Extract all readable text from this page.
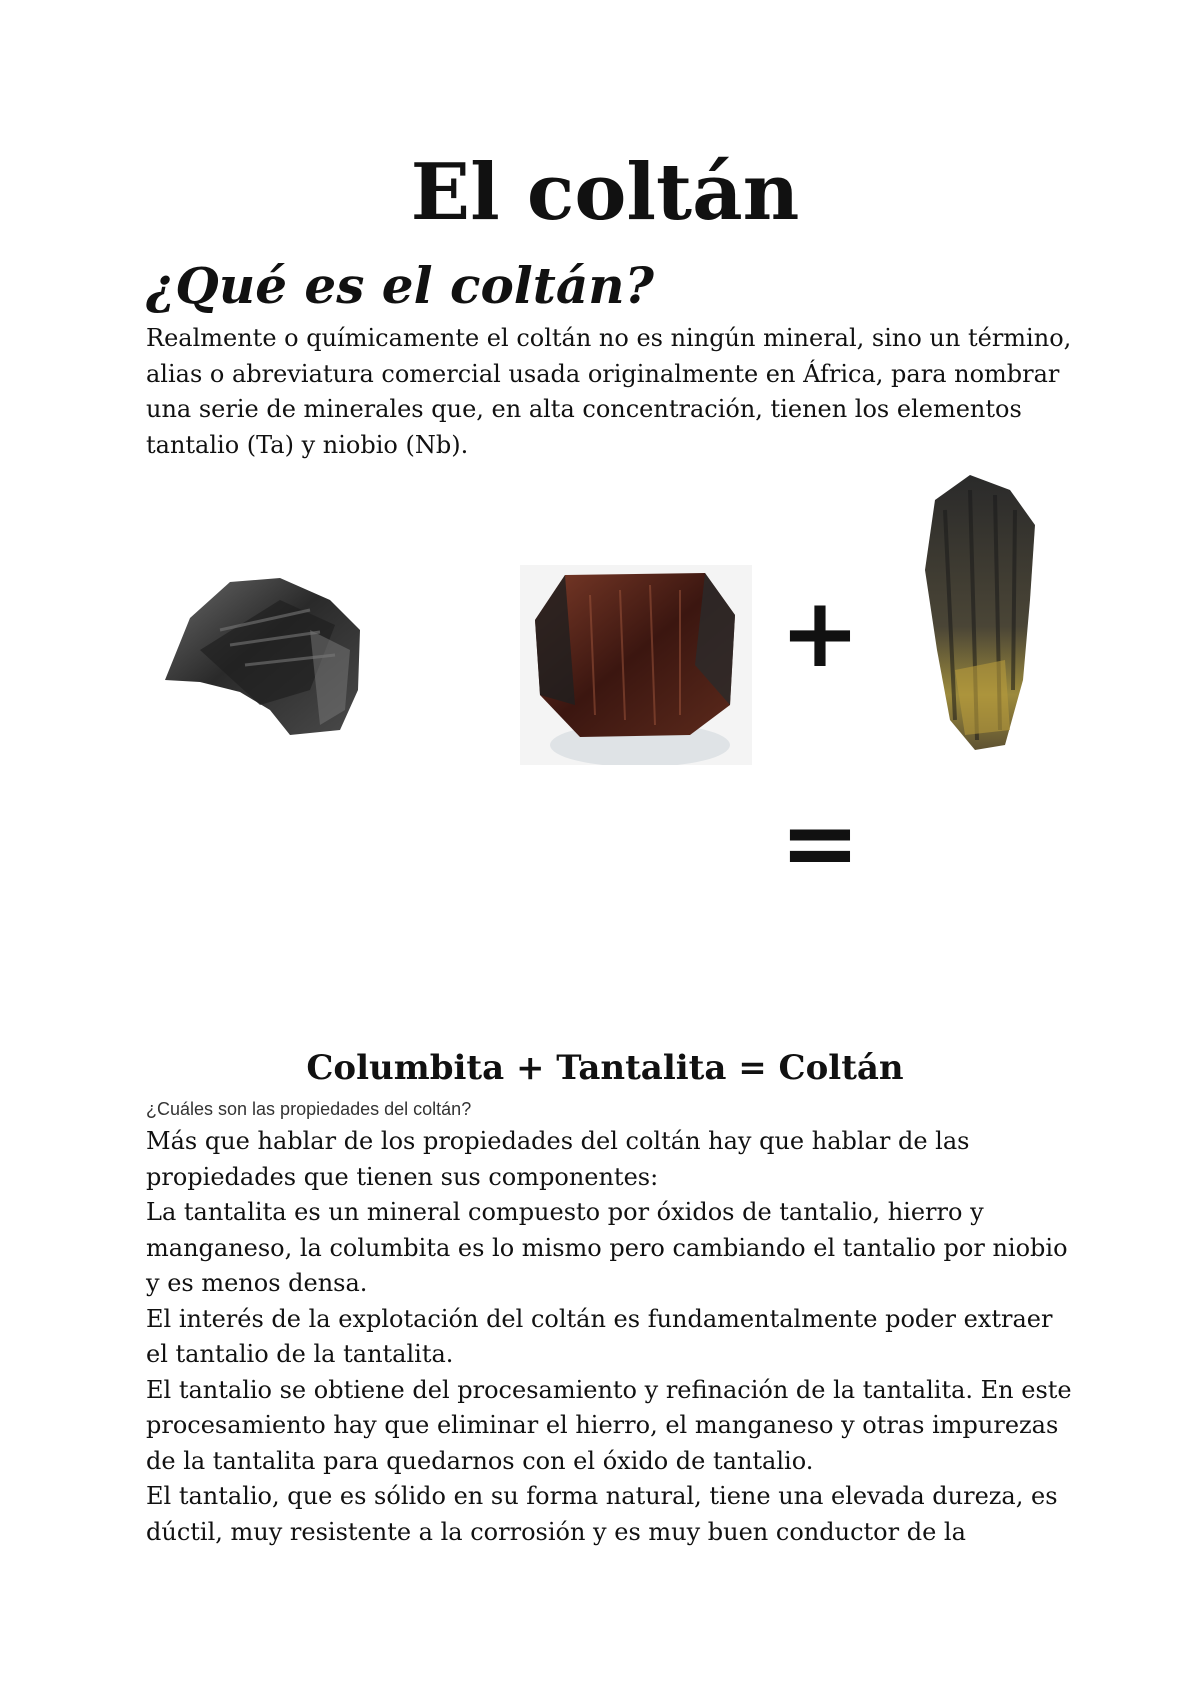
El coltán
¿Qué es el coltán?
Realmente o químicamente el coltán no es ningún mineral, sino un término, alias o abreviatura comercial usada originalmente en África, para nombrar una serie de minerales que, en alta concentración, tienen los elementos tantalio (Ta) y niobio (Nb).
+
=
Columbita + Tantalita = Coltán
¿Cuáles son las propiedades del coltán?
Más que hablar de los propiedades del coltán hay que hablar de las propiedades que tienen sus componentes:
La tantalita es un mineral compuesto por óxidos de tantalio, hierro y manganeso, la columbita es lo mismo pero cambiando el tantalio por niobio y es menos densa.
El interés de la explotación del coltán es fundamentalmente poder extraer el tantalio de la tantalita.
El tantalio se obtiene del procesamiento y refinación de la tantalita. En este procesamiento hay que eliminar el hierro, el manganeso y otras impurezas de la tantalita para quedarnos con el óxido de tantalio.
El tantalio, que es sólido en su forma natural, tiene una elevada dureza, es dúctil, muy resistente a la corrosión y es muy buen conductor de la
